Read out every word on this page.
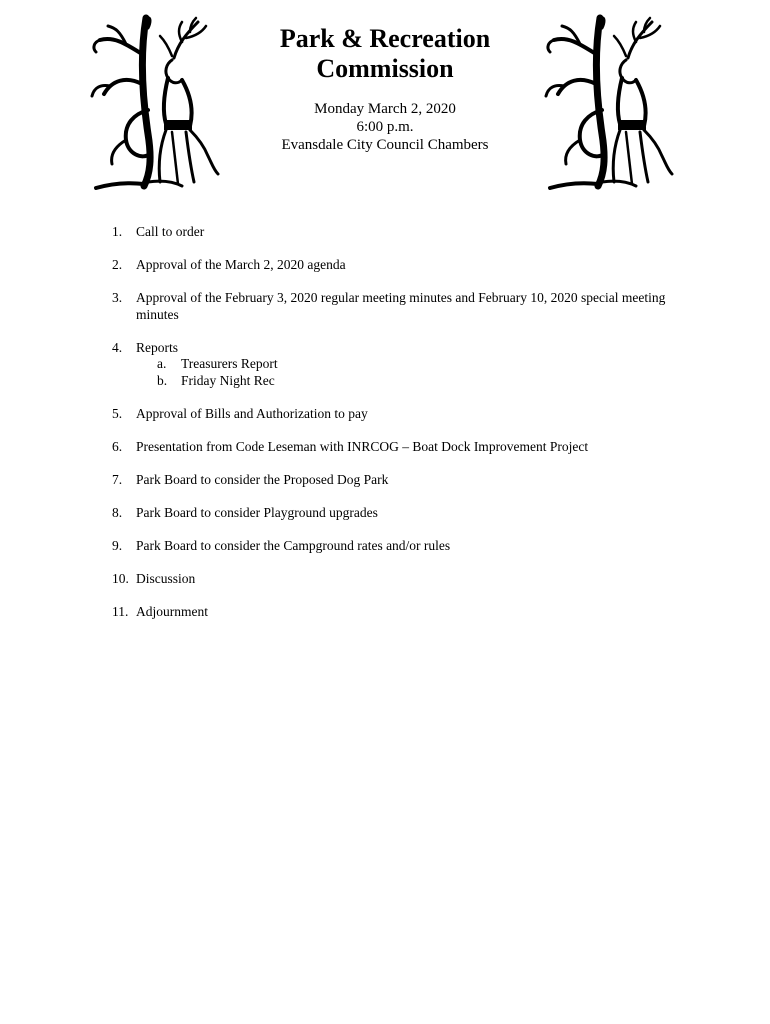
Park & Recreation
Commission
Monday March 2, 2020
6:00 p.m.
Evansdale City Council Chambers
1.	Call to order
2.	Approval of the March 2, 2020 agenda
3.	Approval of the February 3, 2020 regular meeting minutes and February 10, 2020 special meeting minutes
4.	Reports
a.	Treasurers Report
b.	Friday Night Rec
5.	Approval of Bills and Authorization to pay
6.	Presentation from Code Leseman with INRCOG – Boat Dock Improvement Project
7.	Park Board to consider the Proposed Dog Park
8.	Park Board to consider Playground upgrades
9.	Park Board to consider the Campground rates and/or rules
10. Discussion
11. Adjournment
